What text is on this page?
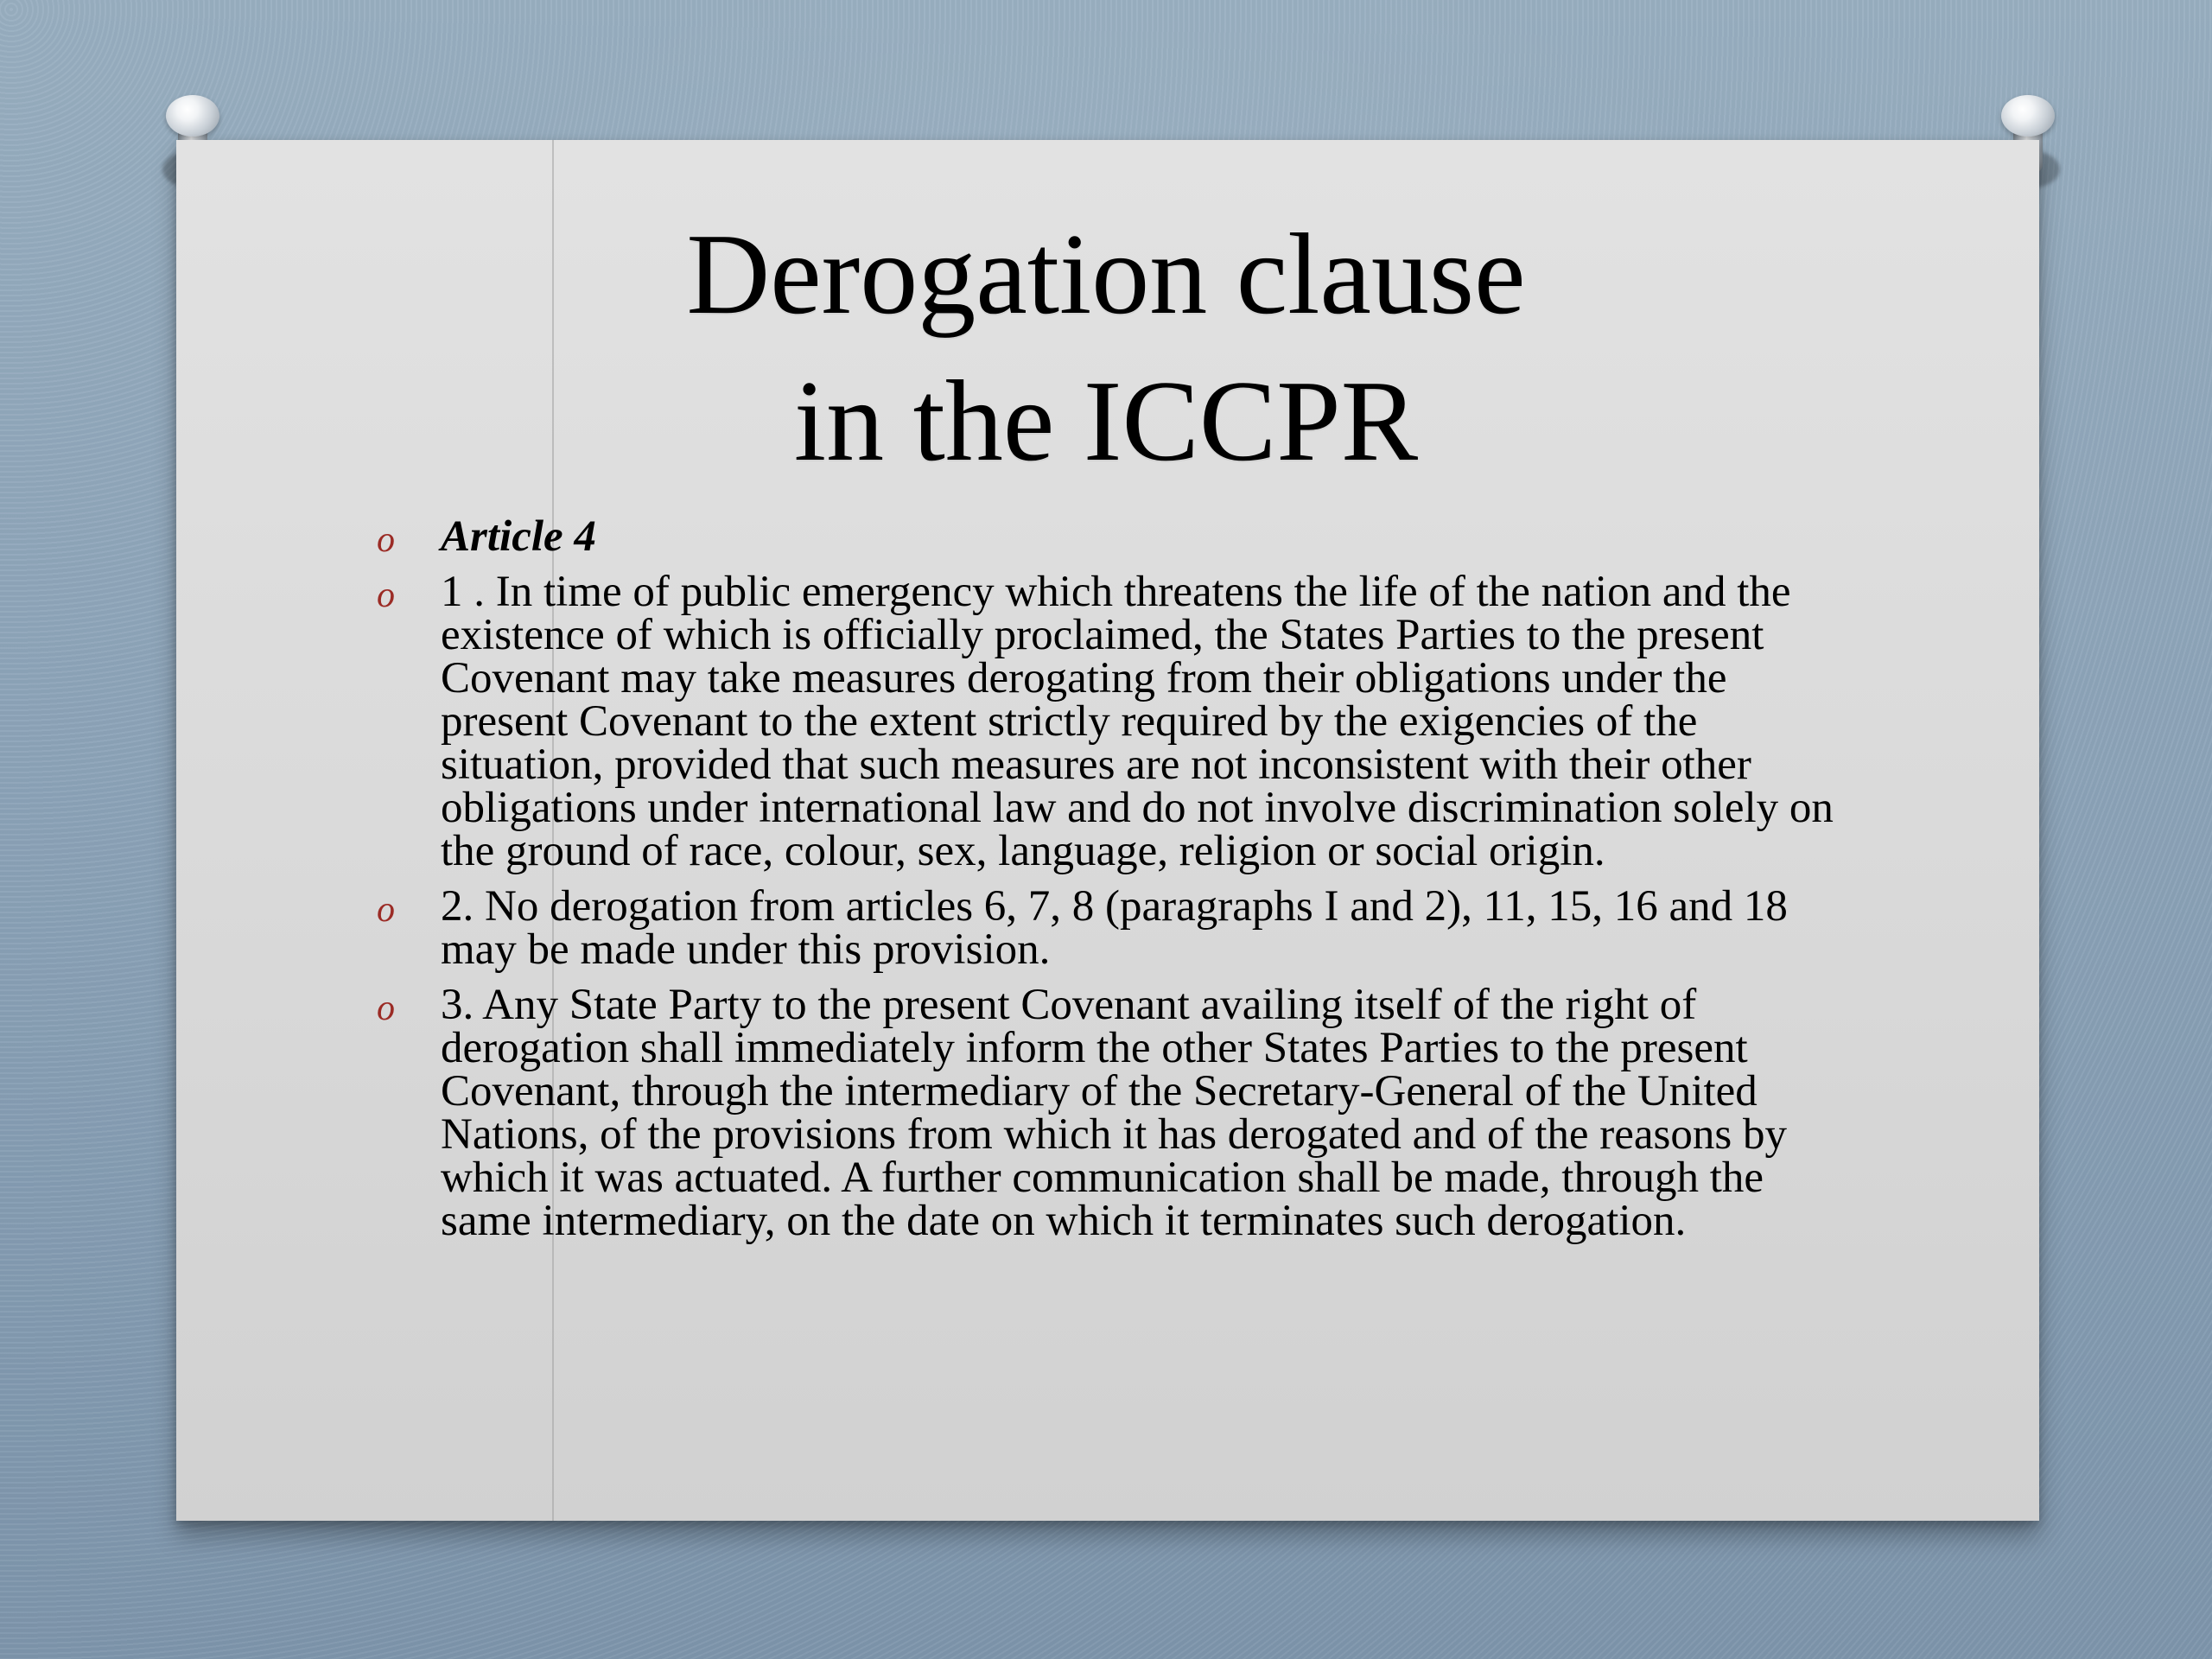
Derogation clause
in the ICCPR
o Article 4
o 1 . In time of public emergency which threatens the life of the nation and the existence of which is officially proclaimed, the States Parties to the present Covenant may take measures derogating from their obligations under the present Covenant to the extent strictly required by the exigencies of the situation, provided that such measures are not inconsistent with their other obligations under international law and do not involve discrimination solely on the ground of race, colour, sex, language, religion or social origin.
o 2. No derogation from articles 6, 7, 8 (paragraphs I and 2), 11, 15, 16 and 18 may be made under this provision.
o 3. Any State Party to the present Covenant availing itself of the right of derogation shall immediately inform the other States Parties to the present Covenant, through the intermediary of the Secretary-General of the United Nations, of the provisions from which it has derogated and of the reasons by which it was actuated. A further communication shall be made, through the same intermediary, on the date on which it terminates such derogation.
